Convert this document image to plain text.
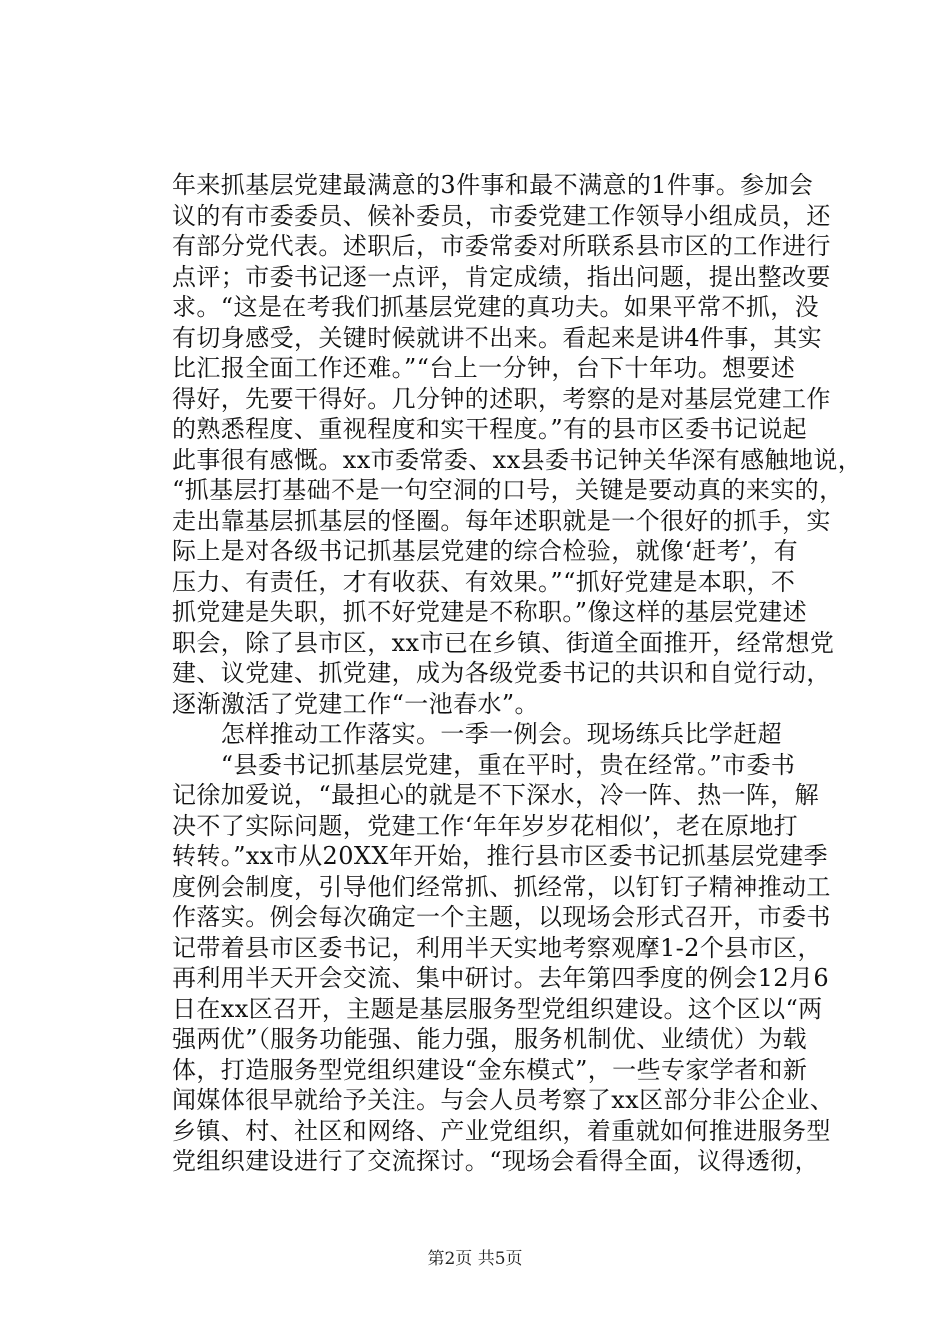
年来抓基层党建最满意的3件事和最不满意的1件事。参加会
议的有市委委员、候补委员，市委党建工作领导小组成员，还
有部分党代表。述职后，市委常委对所联系县市区的工作进行
点评；市委书记逐一点评，肯定成绩，指出问题，提出整改要
求。“这是在考我们抓基层党建的真功夫。如果平常不抓，没
有切身感受，关键时候就讲不出来。看起来是讲4件事，其实
比汇报全面工作还难。”“台上一分钟，台下十年功。想要述
得好，先要干得好。几分钟的述职，考察的是对基层党建工作
的熟悉程度、重视程度和实干程度。”有的县市区委书记说起
此事很有感慨。xx市委常委、xx县委书记钟关华深有感触地说，
“抓基层打基础不是一句空洞的口号，关键是要动真的来实的，
走出靠基层抓基层的怪圈。每年述职就是一个很好的抓手，实
际上是对各级书记抓基层党建的综合检验，就像‘赶考’，有
压力、有责任，才有收获、有效果。”“抓好党建是本职，不
抓党建是失职，抓不好党建是不称职。”像这样的基层党建述
职会，除了县市区，xx市已在乡镇、街道全面推开，经常想党
建、议党建、抓党建，成为各级党委书记的共识和自觉行动，
逐渐激活了党建工作“一池春水”。
　　怎样推动工作落实。一季一例会。现场练兵比学赶超
　　“县委书记抓基层党建，重在平时，贵在经常。”市委书
记徐加爱说，“最担心的就是不下深水，冷一阵、热一阵，解
决不了实际问题，党建工作‘年年岁岁花相似’，老在原地打
转转。”xx市从20XX年开始，推行县市区委书记抓基层党建季
度例会制度，引导他们经常抓、抓经常，以钉钉子精神推动工
作落实。例会每次确定一个主题，以现场会形式召开，市委书
记带着县市区委书记，利用半天实地考察观摩1-2个县市区，
再利用半天开会交流、集中研讨。去年第四季度的例会12月6
日在xx区召开，主题是基层服务型党组织建设。这个区以“两
强两优”（服务功能强、能力强，服务机制优、业绩优）为载
体，打造服务型党组织建设“金东模式”，一些专家学者和新
闻媒体很早就给予关注。与会人员考察了xx区部分非公企业、
乡镇、村、社区和网络、产业党组织，着重就如何推进服务型
党组织建设进行了交流探讨。“现场会看得全面，议得透彻，
第2页 共5页
